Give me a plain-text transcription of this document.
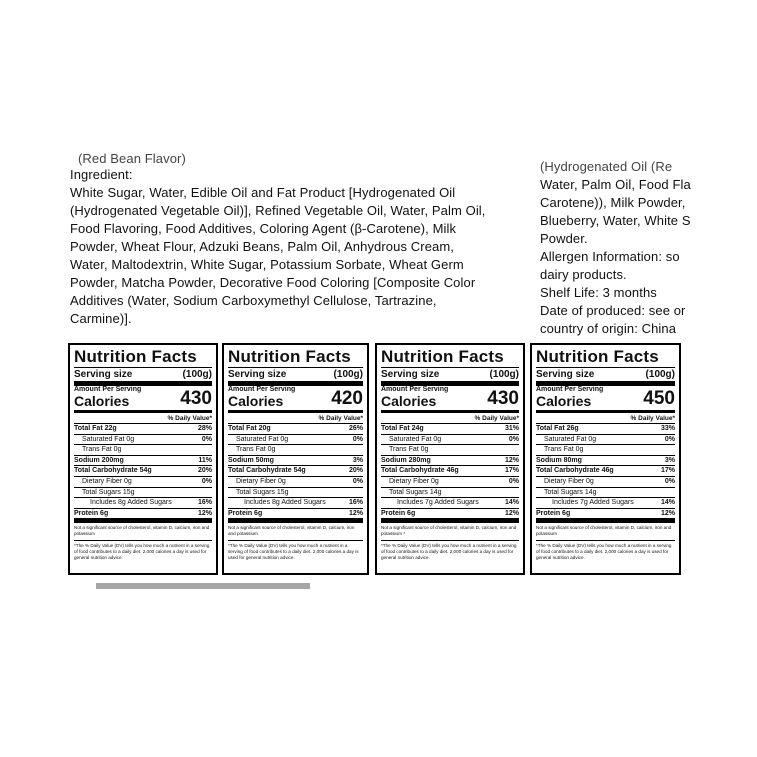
(Red Bean Flavor)
Ingredient:
White Sugar, Water, Edible Oil and Fat Product [Hydrogenated Oil
(Hydrogenated Vegetable Oil)], Refined Vegetable Oil, Water, Palm Oil,
Food Flavoring, Food Additives, Coloring Agent (β-Carotene), Milk
Powder, Wheat Flour, Adzuki Beans, Palm Oil, Anhydrous Cream,
Water, Maltodextrin, White Sugar, Potassium Sorbate, Wheat Germ
Powder, Matcha Powder, Decorative Food Coloring [Composite Color
Additives (Water, Sodium Carboxymethyl Cellulose, Tartrazine,
Carmine)].
(Hydrogenated Oil (Re
Water, Palm Oil, Food Fla
Carotene)), Milk Powder,
Blueberry, Water, White S
Powder.
Allergen Information: so
dairy products.
Shelf Life: 3 months
Date of produced: see or
country of origin: China
Nutrition Facts
Serving size	(100g)
Amount Per Serving
Calories	430
% Daily Value*
Total Fat 22g	28%
Saturated Fat 0g	0%
Trans Fat 0g
Sodium 200mg	11%
Total Carbohydrate 54g	20%
Dietary Fiber 0g	0%
Total Sugars 15g
Includes 8g Added Sugars	16%
Protein 6g	12%
Not a significant source of cholesterol, vitamin D, calcium, iron and potassium
*The % Daily Value (DV) tells you how much a nutrient in a serving of food contributes to a daily diet. 2,000 calories a day is used for general nutrition advice.
Nutrition Facts
Serving size	(100g)
Amount Per Serving
Calories	420
% Daily Value*
Total Fat 20g	26%
Saturated Fat 0g	0%
Trans Fat 0g
Sodium 50mg	3%
Total Carbohydrate 54g	20%
Dietary Fiber 0g	0%
Total Sugars 15g
Includes 8g Added Sugars	16%
Protein 6g	12%
Not a significant source of cholesterol, vitamin D, calcium, iron and potassium
*The % Daily Value (DV) tells you how much a nutrient in a serving of food contributes to a daily diet. 2,000 calories a day is used for general nutrition advice.
Nutrition Facts
Serving size	(100g)
Amount Per Serving
Calories	430
% Daily Value*
Total Fat 24g	31%
Saturated Fat 0g	0%
Trans Fat 0g
Sodium 280mg	12%
Total Carbohydrate 46g	17%
Dietary Fiber 0g	0%
Total Sugars 14g
Includes 7g Added Sugars	14%
Protein 6g	12%
Not a significant source of cholesterol, vitamin D, calcium, iron and potassium *
*The % Daily Value (DV) tells you how much a nutrient in a serving of food contributes to a daily diet. 2,000 calories a day is used for general nutrition advice.
Nutrition Facts
Serving size	(100g)
Amount Per Serving
Calories	450
% Daily Value*
Total Fat 26g	33%
Saturated Fat 0g	0%
Trans Fat 0g
Sodium 80mg	3%
Total Carbohydrate 46g	17%
Dietary Fiber 0g	0%
Total Sugars 14g
Includes 7g Added Sugars	14%
Protein 6g	12%
Not a significant source of cholesterol, vitamin D, calcium, iron and potassium
*The % Daily Value (DV) tells you how much a nutrient in a serving of food contributes to a daily diet. 2,000 calories a day is used for general nutrition advice.
